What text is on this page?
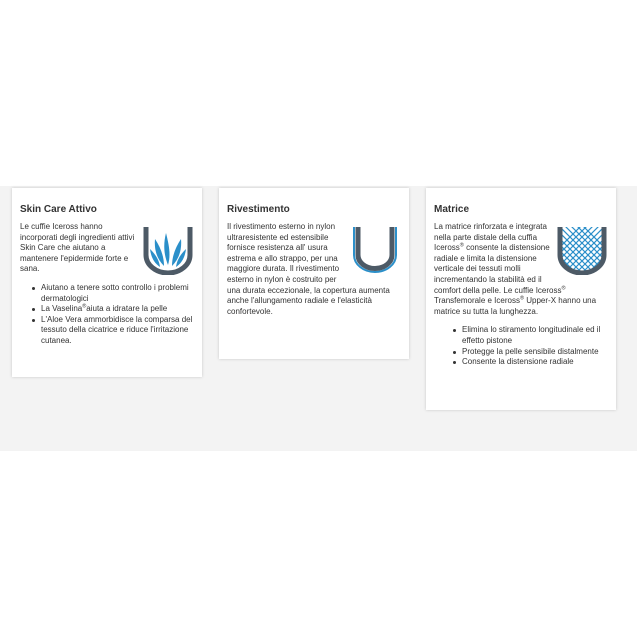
Skin Care Attivo

Le cuffie Iceross hanno incorporati degli ingredienti attivi Skin Care che aiutano a mantenere l'epidermide forte e sana.

Aiutano a tenere sotto controllo i problemi dermatologici
La Vaselina®aiuta a idratare la pelle
L'Aloe Vera ammorbidisce la comparsa del tessuto della cicatrice e riduce l'irritazione cutanea.
Rivestimento

Il rivestimento esterno in nylon ultraresistente ed estensibile fornisce resistenza all' usura estrema e allo strappo, per una maggiore durata. Il rivestimento esterno in nylon è costruito per una durata eccezionale, la copertura aumenta anche l'allungamento radiale e l'elasticità confortevole.

Matrice

La matrice rinforzata e integrata nella parte distale della cuffia Iceross® consente la distensione radiale e limita la distensione verticale dei tessuti molli incrementando la stabilità ed il comfort della pelle. Le cuffie Iceross® Transfemorale e Iceross® Upper-X hanno una matrice su tutta la lunghezza.

Elimina lo stiramento longitudinale ed il effetto pistone
Protegge la pelle sensibile distalmente
Consente la distensione radiale
